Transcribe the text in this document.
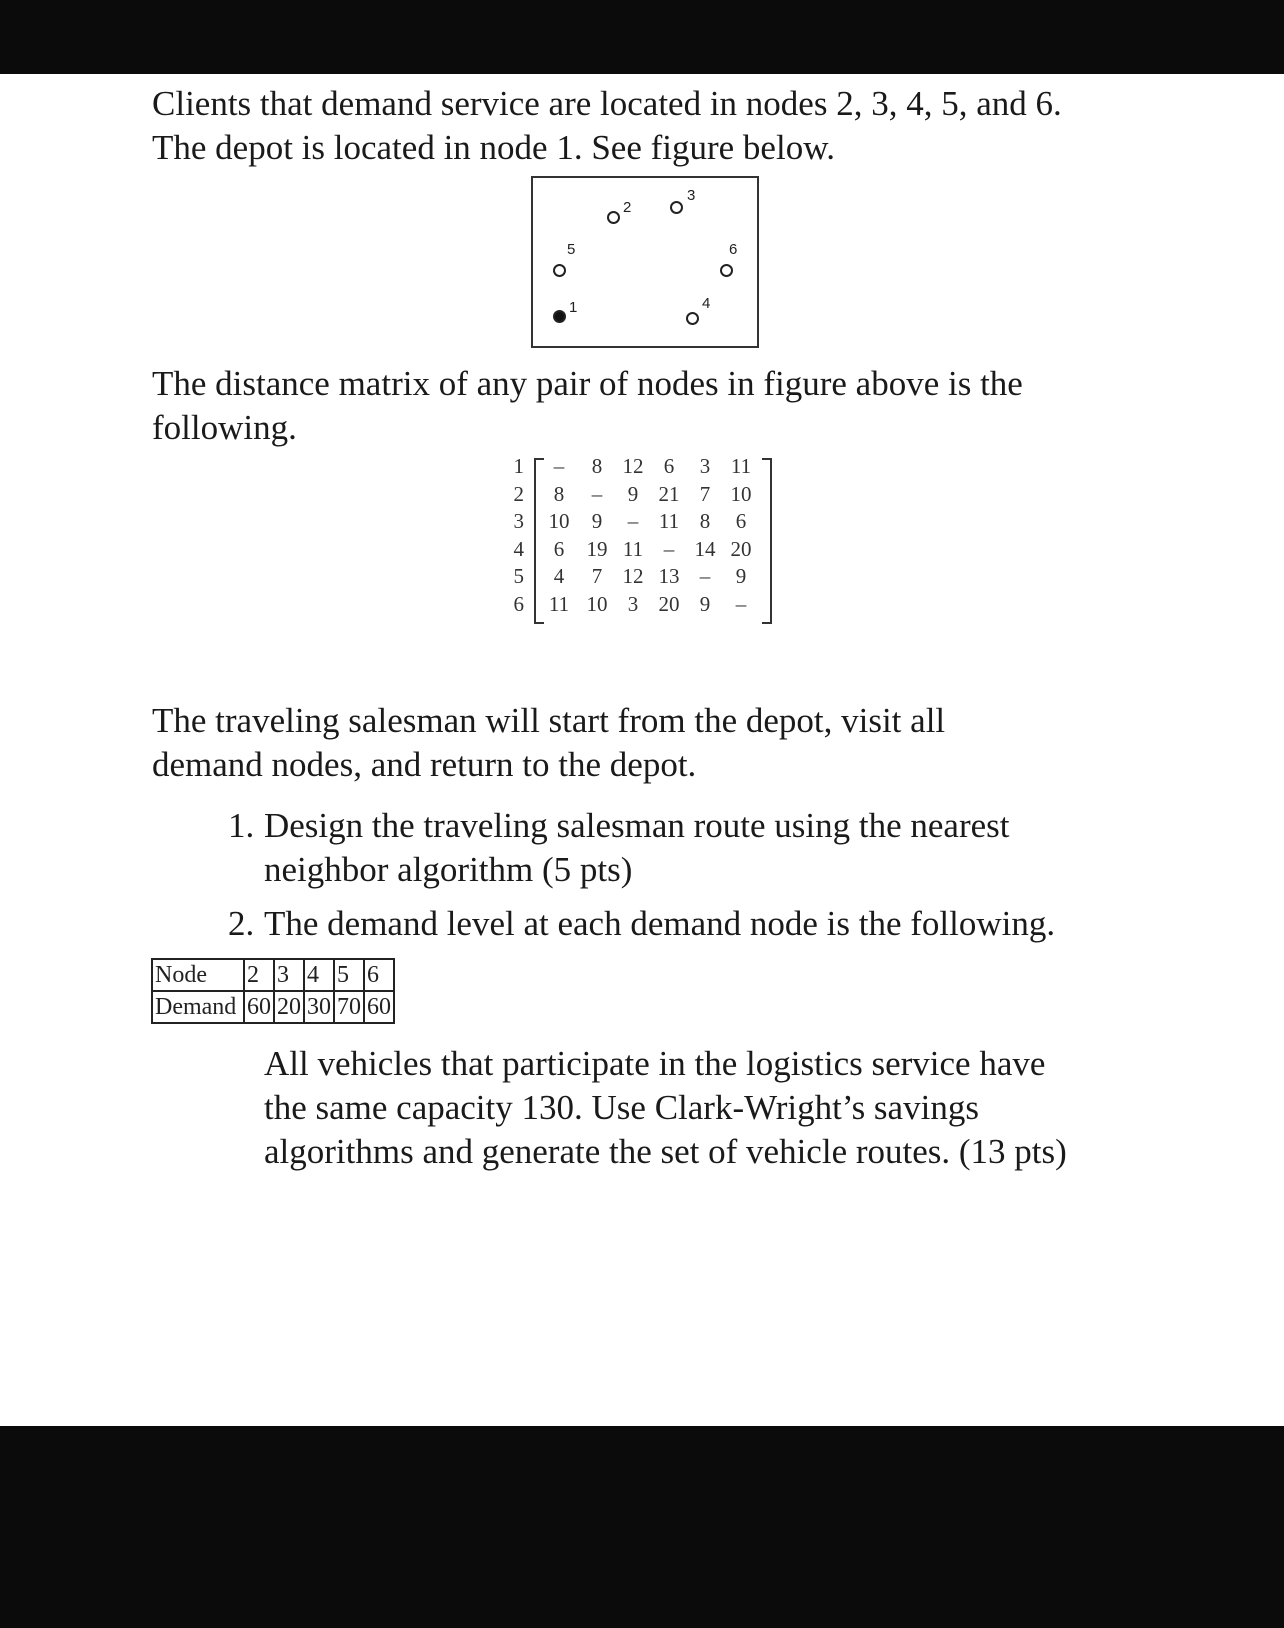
Clients that demand service are located in nodes 2, 3, 4, 5, and 6.
The depot is located in node 1. See figure below.

1
2
3
4
5	6

The distance matrix of any pair of nodes in figure above is the
following.

1	–	8 12 6	3 11
2	8	–	9 21 7 10
3	10	9	– 11 8	6
4	6	19 11 – 14 20
5	4	7 12 13 –	9
6	11 10 3 20 9	–

The traveling salesman will start from the depot, visit all
demand nodes, and return to the depot.

1. Design the traveling salesman route using the nearest
neighbor algorithm (5 pts)
2. The demand level at each demand node is the following.
Node	2	3	4	5	6
Demand	60	20	30	70	60

All vehicles that participate in the logistics service have
the same capacity 130. Use Clark-Wright’s savings
algorithms and generate the set of vehicle routes. (13 pts)
